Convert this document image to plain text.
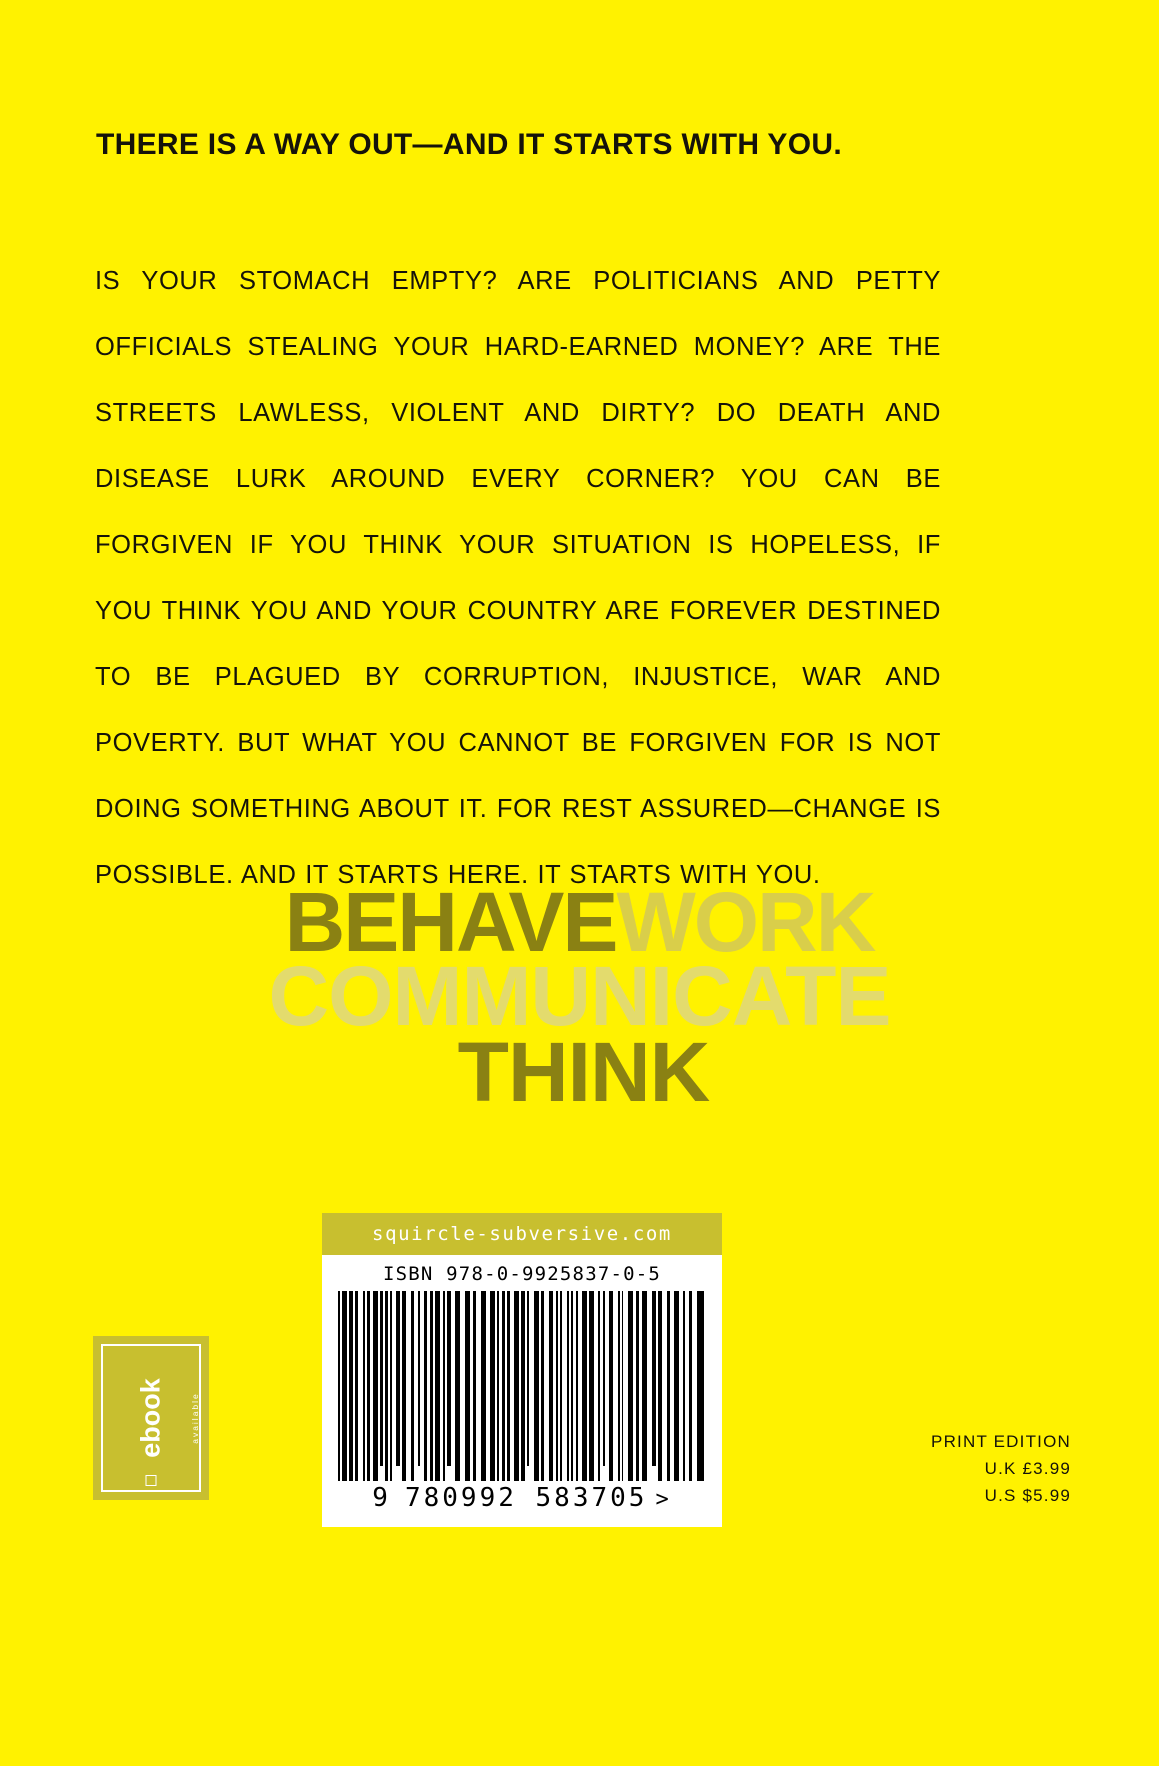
THERE IS A WAY OUT—AND IT STARTS WITH YOU.
IS YOUR STOMACH EMPTY? ARE POLITICIANS AND PETTY OFFICIALS STEALING YOUR HARD-EARNED MONEY? ARE THE STREETS LAWLESS, VIOLENT AND DIRTY? DO DEATH AND DISEASE LURK AROUND EVERY CORNER? YOU CAN BE FORGIVEN IF YOU THINK YOUR SITUATION IS HOPELESS, IF YOU THINK YOU AND YOUR COUNTRY ARE FOREVER DESTINED TO BE PLAGUED BY CORRUPTION, INJUSTICE, WAR AND POVERTY. BUT WHAT YOU CANNOT BE FORGIVEN FOR IS NOT DOING SOMETHING ABOUT IT. FOR REST ASSURED—CHANGE IS POSSIBLE. AND IT STARTS HERE. IT STARTS WITH YOU.
BEHAVEWORK
COMMUNICATE
THINK
squircle-subversive.com
ISBN 978-0-9925837-0-5
9 780992 583705 >
ebook	available	PRINT EDITION
U.K £3.99
U.S $5.99
